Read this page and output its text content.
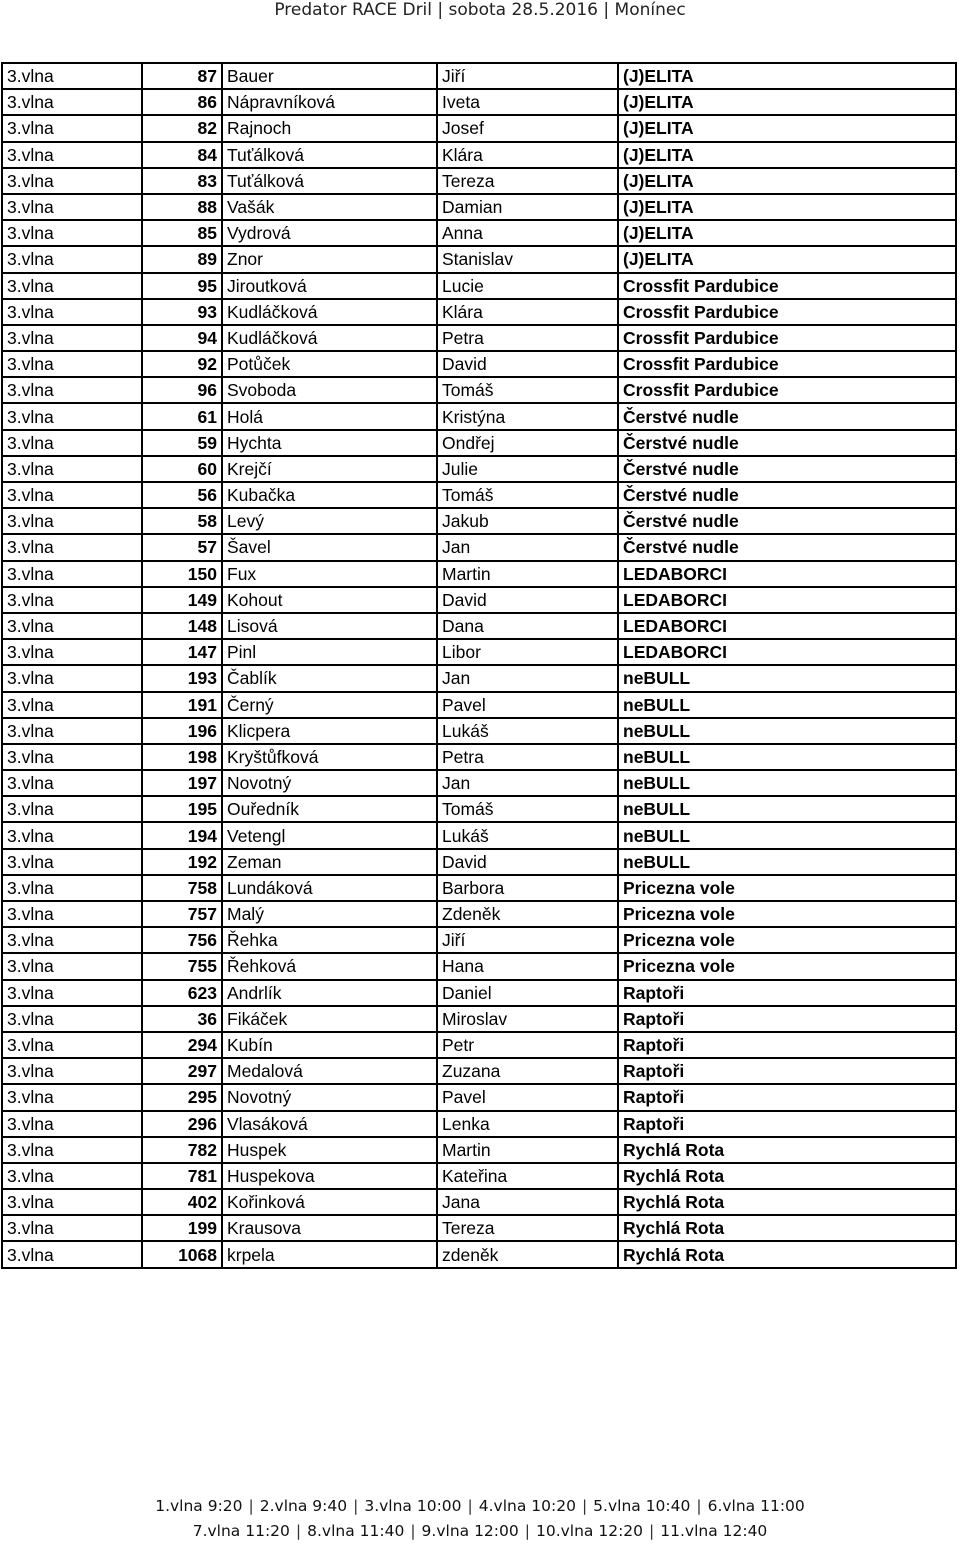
Predator RACE Dril | sobota 28.5.2016 | Monínec
3.vlna	87	Bauer	Jiří	(J)ELITA
3.vlna	86	Nápravníková	Iveta	(J)ELITA
3.vlna	82	Rajnoch	Josef	(J)ELITA
3.vlna	84	Tuťálková	Klára	(J)ELITA
3.vlna	83	Tuťálková	Tereza	(J)ELITA
3.vlna	88	Vašák	Damian	(J)ELITA
3.vlna	85	Vydrová	Anna	(J)ELITA
3.vlna	89	Znor	Stanislav	(J)ELITA
3.vlna	95	Jiroutková	Lucie	Crossfit Pardubice
3.vlna	93	Kudláčková	Klára	Crossfit Pardubice
3.vlna	94	Kudláčková	Petra	Crossfit Pardubice
3.vlna	92	Potůček	David	Crossfit Pardubice
3.vlna	96	Svoboda	Tomáš	Crossfit Pardubice
3.vlna	61	Holá	Kristýna	Čerstvé nudle
3.vlna	59	Hychta	Ondřej	Čerstvé nudle
3.vlna	60	Krejčí	Julie	Čerstvé nudle
3.vlna	56	Kubačka	Tomáš	Čerstvé nudle
3.vlna	58	Levý	Jakub	Čerstvé nudle
3.vlna	57	Šavel	Jan	Čerstvé nudle
3.vlna	150	Fux	Martin	LEDABORCI
3.vlna	149	Kohout	David	LEDABORCI
3.vlna	148	Lisová	Dana	LEDABORCI
3.vlna	147	Pinl	Libor	LEDABORCI
3.vlna	193	Čablík	Jan	neBULL
3.vlna	191	Černý	Pavel	neBULL
3.vlna	196	Klicpera	Lukáš	neBULL
3.vlna	198	Kryštůfková	Petra	neBULL
3.vlna	197	Novotný	Jan	neBULL
3.vlna	195	Ouředník	Tomáš	neBULL
3.vlna	194	Vetengl	Lukáš	neBULL
3.vlna	192	Zeman	David	neBULL
3.vlna	758	Lundáková	Barbora	Pricezna vole
3.vlna	757	Malý	Zdeněk	Pricezna vole
3.vlna	756	Řehka	Jiří	Pricezna vole
3.vlna	755	Řehková	Hana	Pricezna vole
3.vlna	623	Andrlík	Daniel	Raptoři
3.vlna	36	Fikáček	Miroslav	Raptoři
3.vlna	294	Kubín	Petr	Raptoři
3.vlna	297	Medalová	Zuzana	Raptoři
3.vlna	295	Novotný	Pavel	Raptoři
3.vlna	296	Vlasáková	Lenka	Raptoři
3.vlna	782	Huspek	Martin	Rychlá Rota
3.vlna	781	Huspekova	Kateřina	Rychlá Rota
3.vlna	402	Kořinková	Jana	Rychlá Rota
3.vlna	199	Krausova	Tereza	Rychlá Rota
3.vlna	1068	krpela	zdeněk	Rychlá Rota
1.vlna 9:20 | 2.vlna 9:40 | 3.vlna 10:00 | 4.vlna 10:20 | 5.vlna 10:40 | 6.vlna 11:00
7.vlna 11:20 | 8.vlna 11:40 | 9.vlna 12:00 | 10.vlna 12:20 | 11.vlna 12:40
